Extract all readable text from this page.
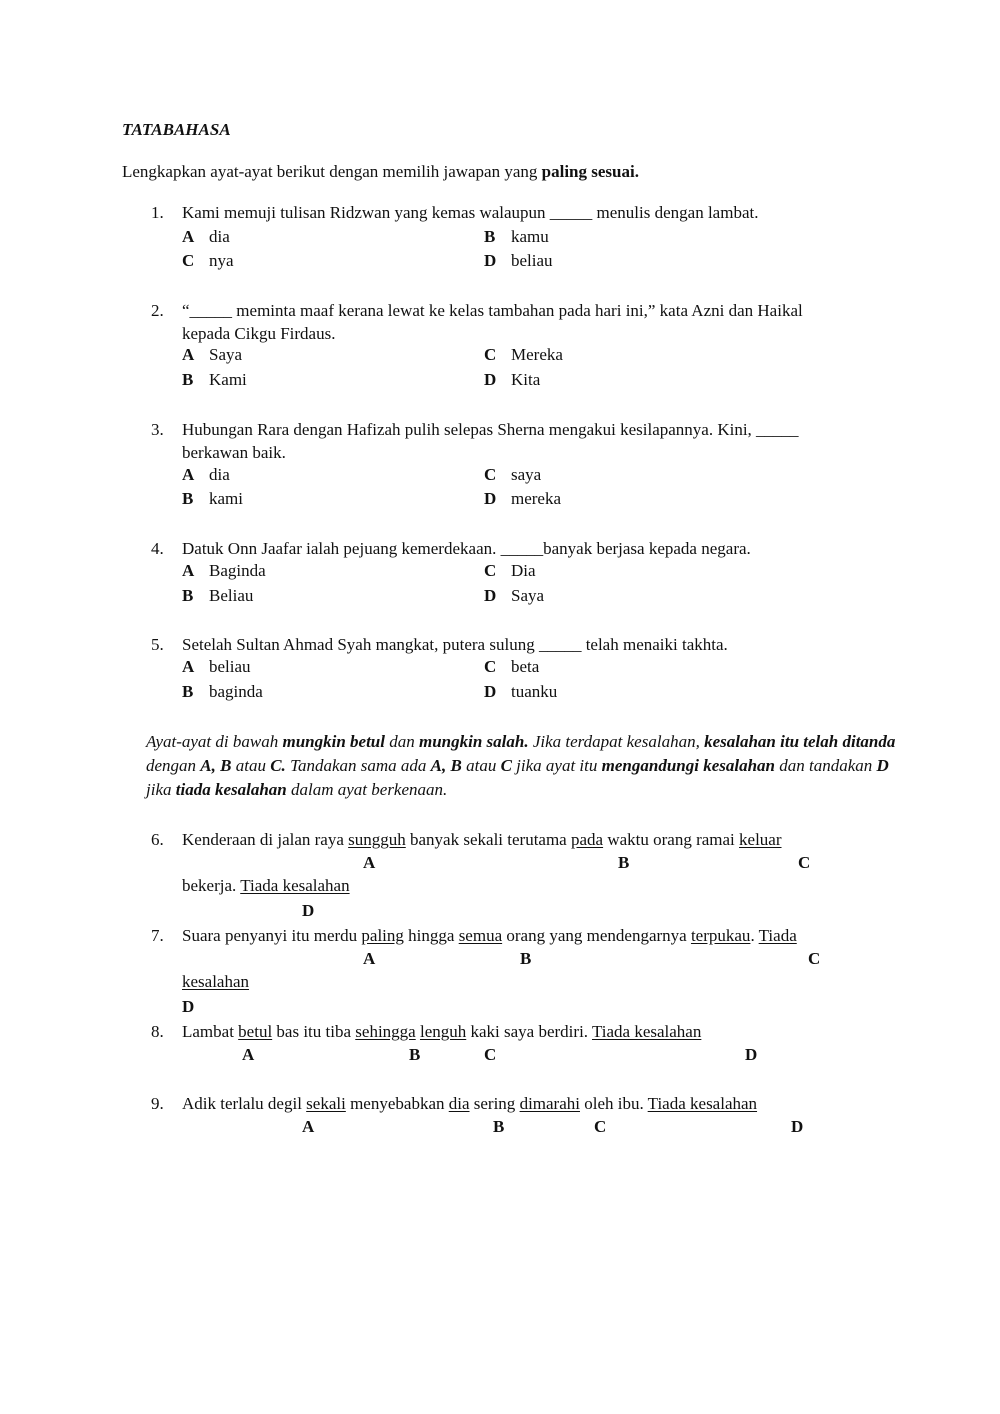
TATABAHASA
Lengkapkan ayat-ayat berikut dengan memilih jawapan yang paling sesuai.
1. Kami memuji tulisan Ridzwan yang kemas walaupun _____ menulis dengan lambat.
A dia	B kamu
C nya	D beliau
2. “_____ meminta maaf kerana lewat ke kelas tambahan pada hari ini,” kata Azni dan Haikal
kepada Cikgu Firdaus.
A Saya	C Mereka
B Kami	D Kita
3. Hubungan Rara dengan Hafizah pulih selepas Sherna mengakui kesilapannya. Kini, _____
berkawan baik.
A dia	C saya
B kami	D mereka
4. Datuk Onn Jaafar ialah pejuang kemerdekaan. _____banyak berjasa kepada negara.
A Baginda	C Dia
B Beliau	D Saya
5. Setelah Sultan Ahmad Syah mangkat, putera sulung _____ telah menaiki takhta.
A beliau	C beta
B baginda	D tuanku
Ayat-ayat di bawah mungkin betul dan mungkin salah. Jika terdapat kesalahan, kesalahan itu telah ditanda dengan A, B atau C. Tandakan sama ada A, B atau C jika ayat itu mengandungi kesalahan dan tandakan D jika tiada kesalahan dalam ayat berkenaan.
6. Kenderaan di jalan raya sungguh banyak sekali terutama pada waktu orang ramai keluar
A	B	C
bekerja. Tiada kesalahan
D
7. Suara penyanyi itu merdu paling hingga semua orang yang mendengarnya terpukau. Tiada
A	B	C
kesalahan
D
8. Lambat betul bas itu tiba sehingga lenguh kaki saya berdiri. Tiada kesalahan
A	B	C	D
9. Adik terlalu degil sekali menyebabkan dia sering dimarahi oleh ibu. Tiada kesalahan
A	B	C	D
